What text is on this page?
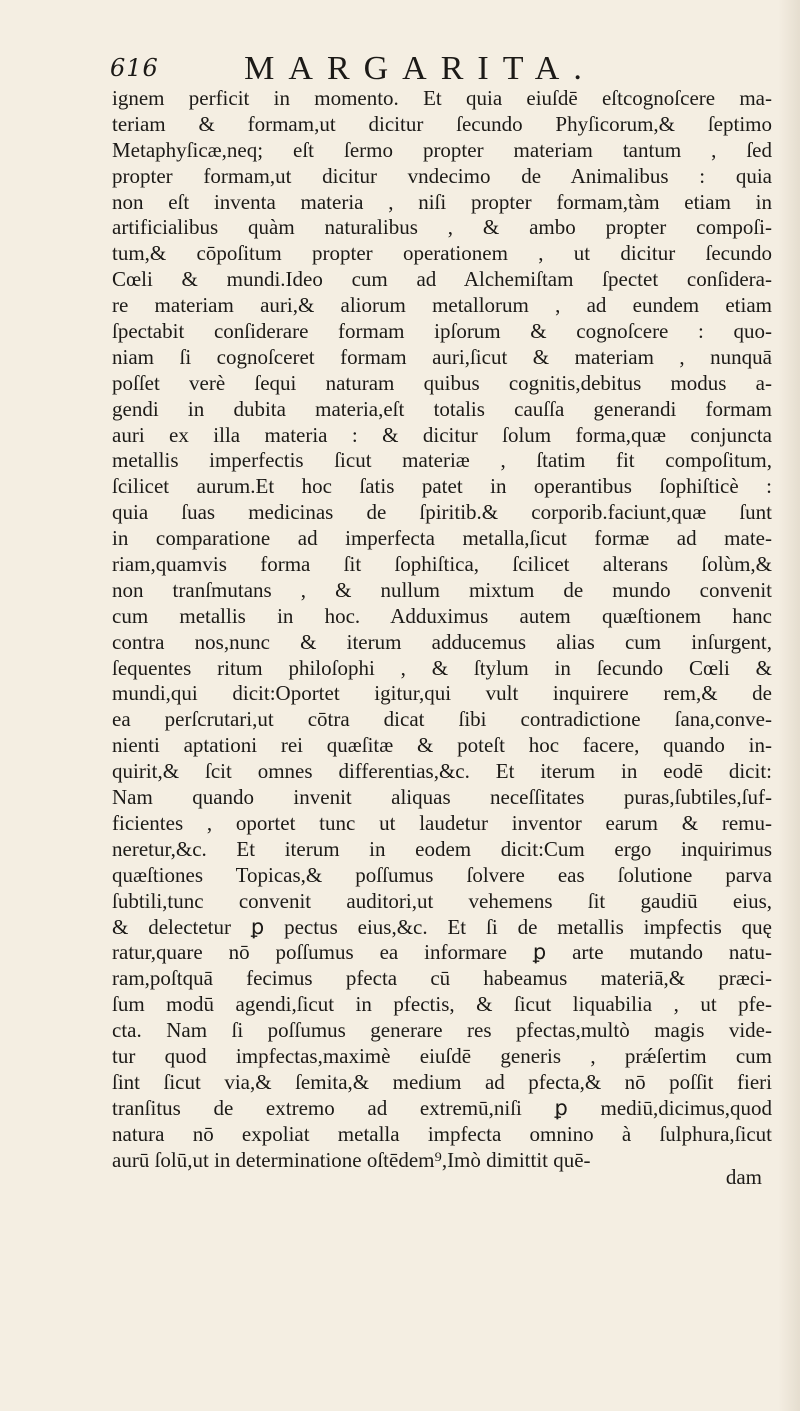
616	MARGARITA.
ignem perficit in momento. Et quia eiuſdē eſtcognoſcere ma-
teriam & formam,ut dicitur ſecundo Phyſicorum,& ſeptimo
Metaphyſicæ,neq; eſt ſermo propter materiam tantum , ſed
propter formam,ut dicitur vndecimo de Animalibus : quia
non eſt inventa materia , niſi propter formam,tàm etiam in
artificialibus quàm naturalibus , & ambo propter compoſi-
tum,& cōpoſitum propter operationem , ut dicitur ſecundo
Cœli & mundi.Ideo cum ad Alchemiſtam ſpectet conſidera-
re materiam auri,& aliorum metallorum , ad eundem etiam
ſpectabit conſiderare formam ipſorum & cognoſcere : quo-
niam ſi cognoſceret formam auri,ſicut & materiam , nunquā
poſſet verè ſequi naturam quibus cognitis,debitus modus a-
gendi in dubita materia,eſt totalis cauſſa generandi formam
auri ex illa materia : & dicitur ſolum forma,quæ conjuncta
metallis imperfectis ſicut materiæ , ſtatim fit compoſitum,
ſcilicet aurum.Et hoc ſatis patet in operantibus ſophiſticè :
quia ſuas medicinas de ſpiritib.& corporib.faciunt,quæ ſunt
in comparatione ad imperfecta metalla,ſicut formæ ad mate-
riam,quamvis forma ſit ſophiſtica, ſcilicet alterans ſolùm,&
non tranſmutans , & nullum mixtum de mundo convenit
cum metallis in hoc. Adduximus autem quæſtionem hanc
contra nos,nunc & iterum adducemus alias cum inſurgent,
ſequentes ritum philoſophi , & ſtylum in ſecundo Cœli &
mundi,qui dicit:Oportet igitur,qui vult inquirere rem,& de
ea perſcrutari,ut cōtra dicat ſibi contradictione ſana,conve-
nienti aptationi rei quæſitæ & poteſt hoc facere, quando in-
quirit,& ſcit omnes differentias,&c. Et iterum in eodē dicit:
Nam quando invenit aliquas neceſſitates puras,ſubtiles,ſuf-
ficientes , oportet tunc ut laudetur inventor earum & remu-
neretur,&c. Et iterum in eodem dicit:Cum ergo inquirimus
quæſtiones Topicas,& poſſumus ſolvere eas ſolutione parva
ſubtili,tunc convenit auditori,ut vehemens ſit gaudiū eius,
& delectetur ꝑ pectus eius,&c. Et ſi de metallis impfectis quę
ratur,quare nō poſſumus ea informare ꝑ arte mutando natu-
ram,poſtquā fecimus pfecta cū habeamus materiā,& præci-
ſum modū agendi,ſicut in pfectis, & ſicut liquabilia , ut pfe-
cta. Nam ſi poſſumus generare res pfectas,multò magis vide-
tur quod impfectas,maximè eiuſdē generis , prǽſertim cum
ſint ſicut via,& ſemita,& medium ad pfecta,& nō poſſit fieri
tranſitus de extremo ad extremū,niſi ꝑ mediū,dicimus,quod
natura nō expoliat metalla impfecta omnino à ſulphura,ſicut
aurū ſolū,ut in determinatione oſtēdem⁹,Imò dimittit quē-
dam
